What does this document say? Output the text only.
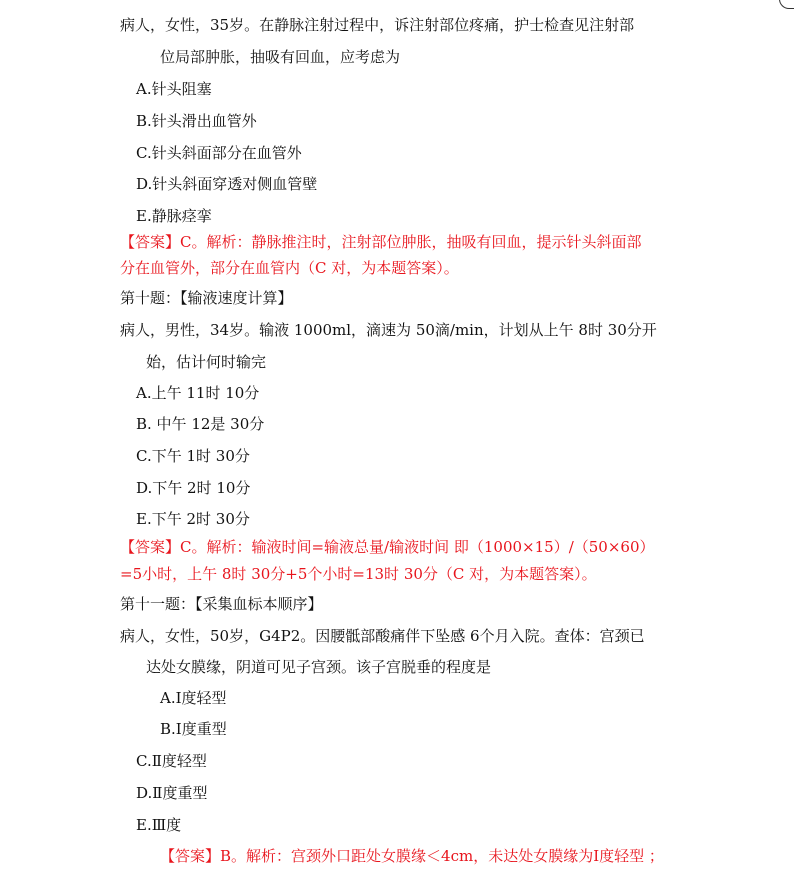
病人，女性，35岁。在静脉注射过程中，诉注射部位疼痛，护士检查见注射部
位局部肿胀，抽吸有回血，应考虑为
A.针头阻塞
B.针头滑出血管外
C.针头斜面部分在血管外
D.针头斜面穿透对侧血管壁
E.静脉痉挛
【答案】C。解析：静脉推注时，注射部位肿胀，抽吸有回血，提示针头斜面部
分在血管外，部分在血管内（C 对，为本题答案）。
第十题：【输液速度计算】
病人，男性，34岁。输液 1000ml，滴速为 50滴/min，计划从上午 8时 30分开
始，估计何时输完
A.上午 11时 10分
B. 中午 12是 30分
C.下午 1时 30分
D.下午 2时 10分
E.下午 2时 30分
【答案】C。解析：输液时间=输液总量/输液时间 即（1000×15）/（50×60）
=5小时，上午 8时 30分+5个小时=13时 30分（C 对，为本题答案）。
第十一题：【采集血标本顺序】
病人，女性，50岁，G4P2。因腰骶部酸痛伴下坠感 6个月入院。查体：宫颈已
达处女膜缘，阴道可见子宫颈。该子宫脱垂的程度是
A.Ⅰ度轻型
B.Ⅰ度重型
C.Ⅱ度轻型
D.Ⅱ度重型
E.Ⅲ度
【答案】B。解析：宫颈外口距处女膜缘＜4cm，未达处女膜缘为Ⅰ度轻型 ；
